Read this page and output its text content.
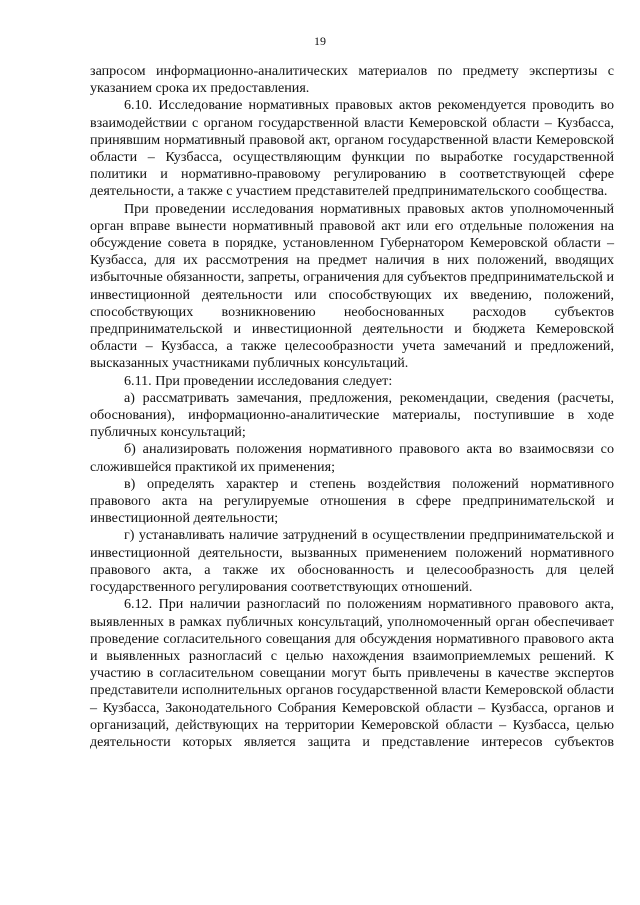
19

запросом информационно-аналитических материалов по предмету экспертизы с указанием срока их предоставления.

6.10. Исследование нормативных правовых актов рекомендуется проводить во взаимодействии с органом государственной власти Кемеровской области – Кузбасса, принявшим нормативный правовой акт, органом государственной власти Кемеровской области – Кузбасса, осуществляющим функции по выработке государственной политики и нормативно-правовому регулированию в соответствующей сфере деятельности, а также с участием представителей предпринимательского сообщества.

При проведении исследования нормативных правовых актов уполномоченный орган вправе вынести нормативный правовой акт или его отдельные положения на обсуждение совета в порядке, установленном Губернатором Кемеровской области – Кузбасса, для их рассмотрения на предмет наличия в них положений, вводящих избыточные обязанности, запреты, ограничения для субъектов предпринимательской и инвестиционной деятельности или способствующих их введению, положений, способствующих возникновению необоснованных расходов субъектов предпринимательской и инвестиционной деятельности и бюджета Кемеровской области – Кузбасса, а также целесообразности учета замечаний и предложений, высказанных участниками публичных консультаций.

6.11. При проведении исследования следует:

а) рассматривать замечания, предложения, рекомендации, сведения (расчеты, обоснования), информационно-аналитические материалы, поступившие в ходе публичных консультаций;

б) анализировать положения нормативного правового акта во взаимосвязи со сложившейся практикой их применения;

в) определять характер и степень воздействия положений нормативного правового акта на регулируемые отношения в сфере предпринимательской и инвестиционной деятельности;

г) устанавливать наличие затруднений в осуществлении предпринимательской и инвестиционной деятельности, вызванных применением положений нормативного правового акта, а также их обоснованность и целесообразность для целей государственного регулирования соответствующих отношений.

6.12. При наличии разногласий по положениям нормативного правового акта, выявленных в рамках публичных консультаций, уполномоченный орган обеспечивает проведение согласительного совещания для обсуждения нормативного правового акта и выявленных разногласий с целью нахождения взаимоприемлемых решений. К участию в согласительном совещании могут быть привлечены в качестве экспертов представители исполнительных органов государственной власти Кемеровской области – Кузбасса, Законодательного Собрания Кемеровской области – Кузбасса, органов и организаций, действующих на территории Кемеровской области – Кузбасса, целью деятельности которых является защита и представление интересов субъектов
